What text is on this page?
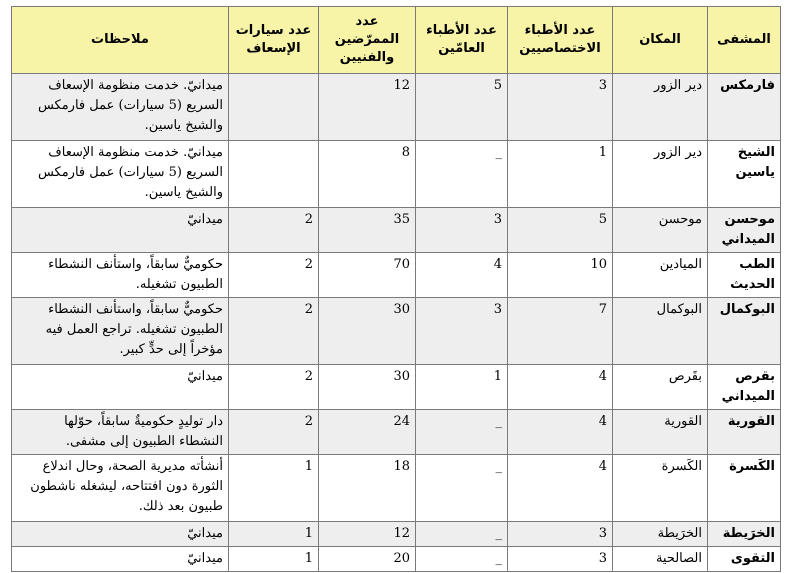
المشفى	المكان	عدد الأطباء الاختصاصيين	عدد الأطباء العامّين	عدد الممرّضين والفنيين	عدد سيارات الإسعاف	ملاحظات
فارمكس	دير الزور	3	5	12		ميدانيّ. خدمت منظومة الإسعاف السريع (5 سيارات) عمل فارمكس والشيخ ياسين.
الشيخ ياسين	دير الزور	1	_	8		ميدانيّ. خدمت منظومة الإسعاف السريع (5 سيارات) عمل فارمكس والشيخ ياسين.
موحسن الميداني	موحسن	5	3	35	2	ميدانيّ
الطب الحديث	الميادين	10	4	70	2	حكوميٌّ سابقاً، واستأنف النشطاء الطبيون تشغيله.
البوكمال	البوكمال	7	3	30	2	حكوميٌّ سابقاً، واستأنف النشطاء الطبيون تشغيله. تراجع العمل فيه مؤخراً إلى حدٍّ كبير.
بقرص الميداني	بقَرص	4	1	30	2	ميدانيّ
القورية	القورية	4	_	24	2	دار توليدٍ حكوميةٌ سابقاً، حوّلها النشطاء الطبيون إلى مشفى.
الكَسرة	الكَسرة	4	_	18	1	أنشأته مديرية الصحة، وحال اندلاع الثورة دون افتتاحه، ليشغله ناشطون طبيون بعد ذلك.
الخرَيطة	الخرَيطة	3	_	12	1	ميدانيّ
التقوى	الصالحية	3	_	20	1	ميدانيّ
